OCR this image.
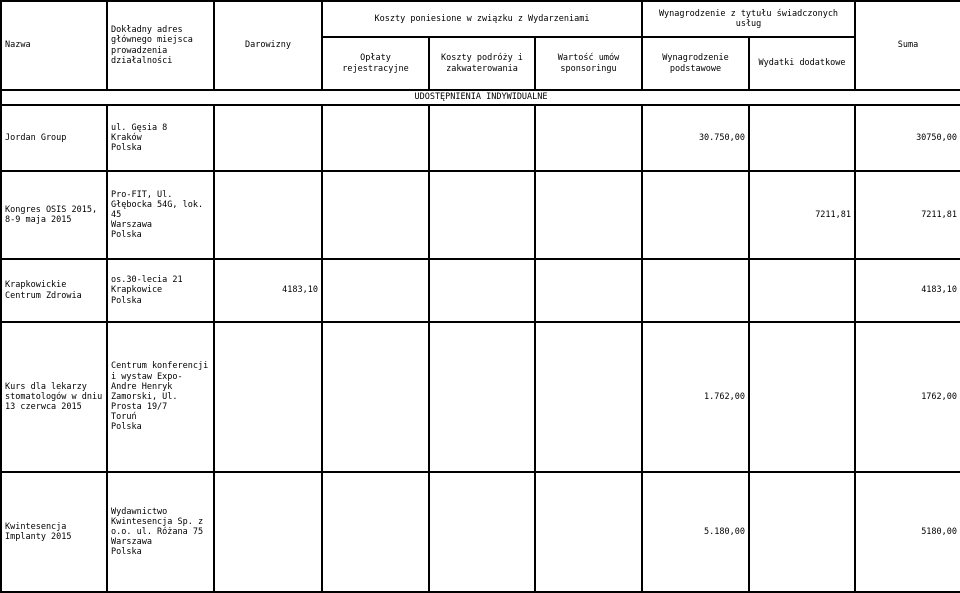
Nazwa	Dokładny adres głównego miejsca prowadzenia działalności	Darowizny	Koszty poniesione w związku z Wydarzeniami			Wynagrodzenie z tytułu świadczonych usług		Suma
			Opłaty rejestracyjne	Koszty podróży i zakwaterowania	Wartość umów sponsoringu	Wynagrodzenie podstawowe	Wydatki dodatkowe	
UDOSTĘPNIENIA INDYWIDUALNE								
Jordan Group	ul. Gęsia 8
Kraków
Polska					30.750,00		30750,00
Kongres OSIS 2015, 8-9 maja 2015	Pro-FIT, Ul. Głębocka 54G, lok. 45
Warszawa
Polska						7211,81	7211,81
Krapkowickie Centrum Zdrowia	os.30-lecia 21
Krapkowice
Polska	4183,10						4183,10
Kurs dla lekarzy stomatologów w dniu 13 czerwca 2015	Centrum konferencji i wystaw Expo- Andre Henryk Zamorski, Ul. Prosta 19/7
Toruń
Polska					1.762,00		1762,00
Kwintesencja Implanty 2015	Wydawnictwo Kwintesencja Sp. z o.o. ul. Różana 75
Warszawa
Polska					5.180,00		5180,00
